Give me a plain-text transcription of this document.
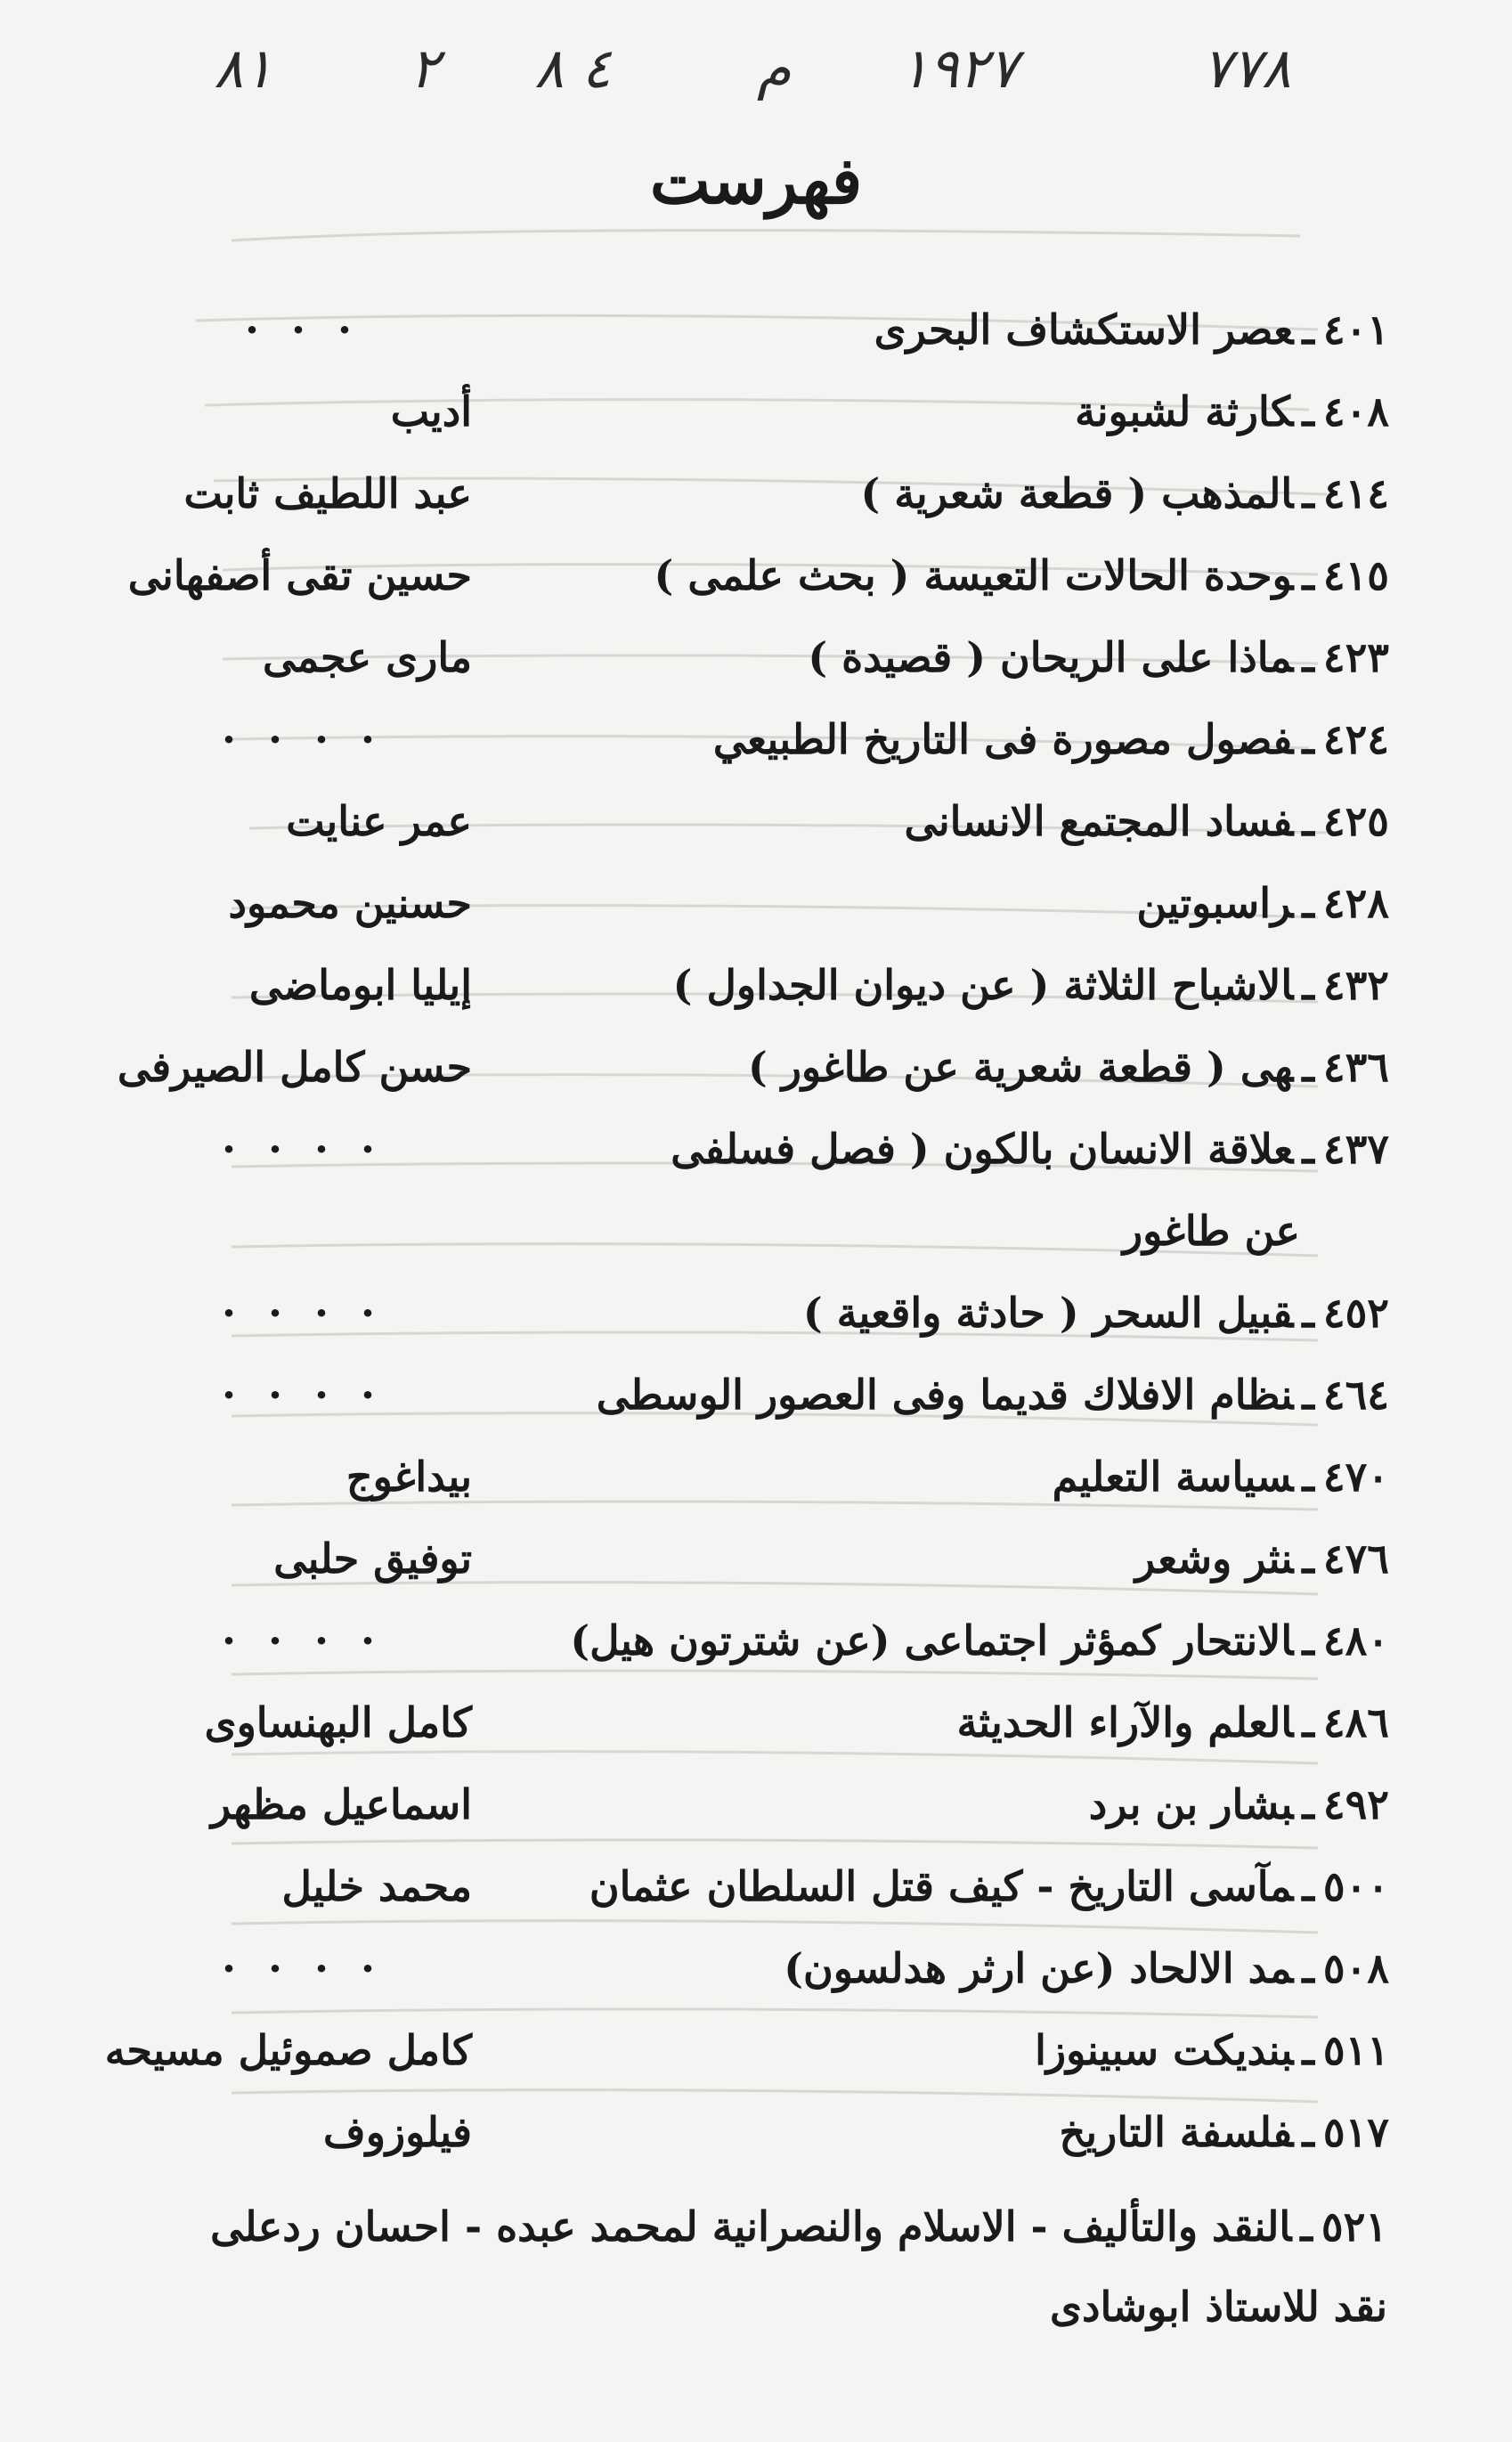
٨١ ٢ ٤ ٨	م ١٩٢٧	٧٧٨
فهرست
٤٠١ـعصر الاستكشاف البحرى
· · ·
٤٠٨ـكارثة لشبونة
أديب
٤١٤ـالمذهب ( قطعة شعرية )
عبد اللطيف ثابت
٤١٥ـوحدة الحالات التعيسة ( بحث علمى )
حسين تقى أصفهانى
٤٢٣ـماذا على الريحان ( قصيدة )
مارى عجمى
٤٢٤ـفصول مصورة فى التاريخ الطبيعي
· · · ·
٤٢٥ـفساد المجتمع الانسانى
عمر عنايت
٤٢٨ـراسبوتين
حسنين محمود
٤٣٢ـالاشباح الثلاثة ( عن ديوان الجداول )
إيليا ابوماضى
٤٣٦ـهى ( قطعة شعرية عن طاغور )
حسن كامل الصيرفى
٤٣٧ـعلاقة الانسان بالكون ( فصل فسلفى
· · · ·
عن طاغور
٤٥٢ـقبيل السحر ( حادثة واقعية )
· · · ·
٤٦٤ـنظام الافلاك قديما وفى العصور الوسطى
· · · ·
٤٧٠ـسياسة التعليم
بيداغوج
٤٧٦ـنثر وشعر
توفيق حلبى
٤٨٠ـالانتحار كمؤثر اجتماعى (عن شترتون هيل)
· · · ·
٤٨٦ـالعلم والآراء الحديثة
كامل البهنساوى
٤٩٢ـبشار بن برد
اسماعيل مظهر
٥٠٠ـمآسى التاريخ - كيف قتل السلطان عثمان
محمد خليل
٥٠٨ـمد الالحاد (عن ارثر هدلسون)
· · · ·
٥١١ـبنديكت سبينوزا
كامل صموئيل مسيحه
٥١٧ـفلسفة التاريخ
فيلوزوف
٥٢١ـالنقد والتأليف - الاسلام والنصرانية لمحمد عبده - احسان ردعلى
نقد للاستاذ ابوشادى
